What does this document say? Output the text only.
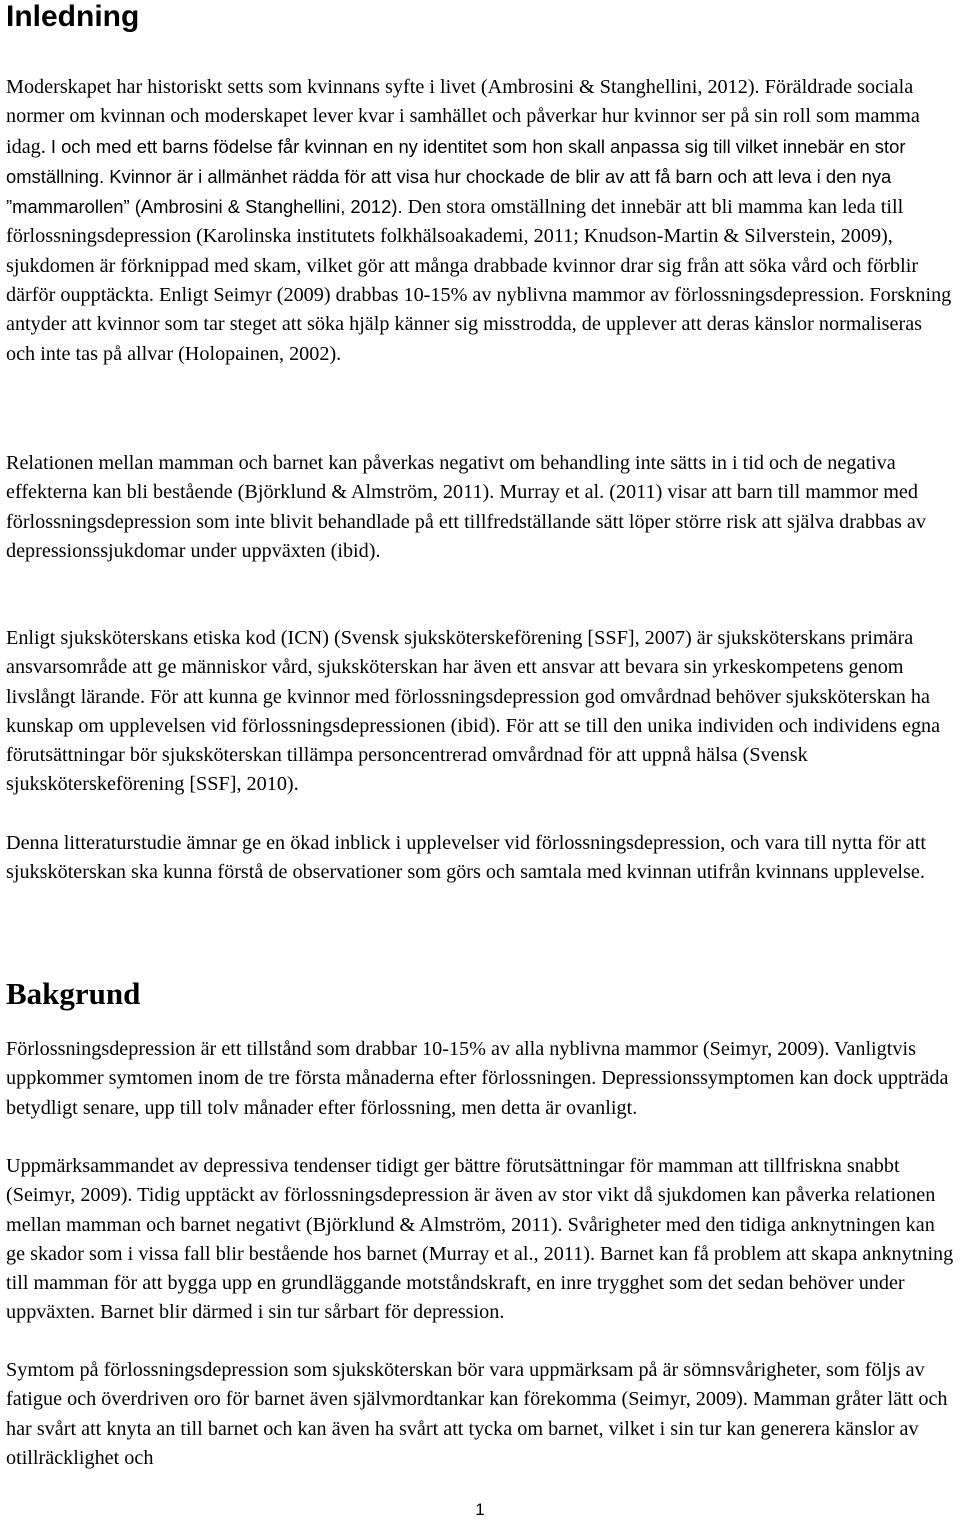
Inledning

Moderskapet har historiskt setts som kvinnans syfte i livet (Ambrosini & Stanghellini, 2012). Föräldrade sociala normer om kvinnan och moderskapet lever kvar i samhället och påverkar hur kvinnor ser på sin roll som mamma idag. I och med ett barns födelse får kvinnan en ny identitet som hon skall anpassa sig till vilket innebär en stor omställning. Kvinnor är i allmänhet rädda för att visa hur chockade de blir av att få barn och att leva i den nya ”mammarollen” (Ambrosini & Stanghellini, 2012). Den stora omställning det innebär att bli mamma kan leda till förlossningsdepression (Karolinska institutets folkhälsoakademi, 2011; Knudson-Martin & Silverstein, 2009), sjukdomen är förknippad med skam, vilket gör att många drabbade kvinnor drar sig från att söka vård och förblir därför oupptäckta. Enligt Seimyr (2009) drabbas 10-15% av nyblivna mammor av förlossningsdepression. Forskning antyder att kvinnor som tar steget att söka hjälp känner sig misstrodda, de upplever att deras känslor normaliseras och inte tas på allvar (Holopainen, 2002).

Relationen mellan mamman och barnet kan påverkas negativt om behandling inte sätts in i tid och de negativa effekterna kan bli bestående (Björklund & Almström, 2011). Murray et al. (2011) visar att barn till mammor med förlossningsdepression som inte blivit behandlade på ett tillfredställande sätt löper större risk att själva drabbas av depressionssjukdomar under uppväxten (ibid).

Enligt sjuksköterskans etiska kod (ICN) (Svensk sjuksköterskeförening [SSF], 2007) är sjuksköterskans primära ansvarsområde att ge människor vård, sjuksköterskan har även ett ansvar att bevara sin yrkeskompetens genom livslångt lärande. För att kunna ge kvinnor med förlossningsdepression god omvårdnad behöver sjuksköterskan ha kunskap om upplevelsen vid förlossningsdepressionen (ibid). För att se till den unika individen och individens egna förutsättningar bör sjuksköterskan tillämpa personcentrerad omvårdnad för att uppnå hälsa (Svensk sjuksköterskeförening [SSF], 2010).

Denna litteraturstudie ämnar ge en ökad inblick i upplevelser vid förlossningsdepression, och vara till nytta för att sjuksköterskan ska kunna förstå de observationer som görs och samtala med kvinnan utifrån kvinnans upplevelse.

Bakgrund

Förlossningsdepression är ett tillstånd som drabbar 10-15% av alla nyblivna mammor (Seimyr, 2009). Vanligtvis uppkommer symtomen inom de tre första månaderna efter förlossningen. Depressionssymptomen kan dock uppträda betydligt senare, upp till tolv månader efter förlossning, men detta är ovanligt.

Uppmärksammandet av depressiva tendenser tidigt ger bättre förutsättningar för mamman att tillfriskna snabbt (Seimyr, 2009). Tidig upptäckt av förlossningsdepression är även av stor vikt då sjukdomen kan påverka relationen mellan mamman och barnet negativt (Björklund & Almström, 2011). Svårigheter med den tidiga anknytningen kan ge skador som i vissa fall blir bestående hos barnet (Murray et al., 2011). Barnet kan få problem att skapa anknytning till mamman för att bygga upp en grundläggande motståndskraft, en inre trygghet som det sedan behöver under uppväxten. Barnet blir därmed i sin tur sårbart för depression.

Symtom på förlossningsdepression som sjuksköterskan bör vara uppmärksam på är sömnsvårigheter, som följs av fatigue och överdriven oro för barnet även självmordtankar kan förekomma (Seimyr, 2009). Mamman gråter lätt och har svårt att knyta an till barnet och kan även ha svårt att tycka om barnet, vilket i sin tur kan generera känslor av otillräcklighet och

1
